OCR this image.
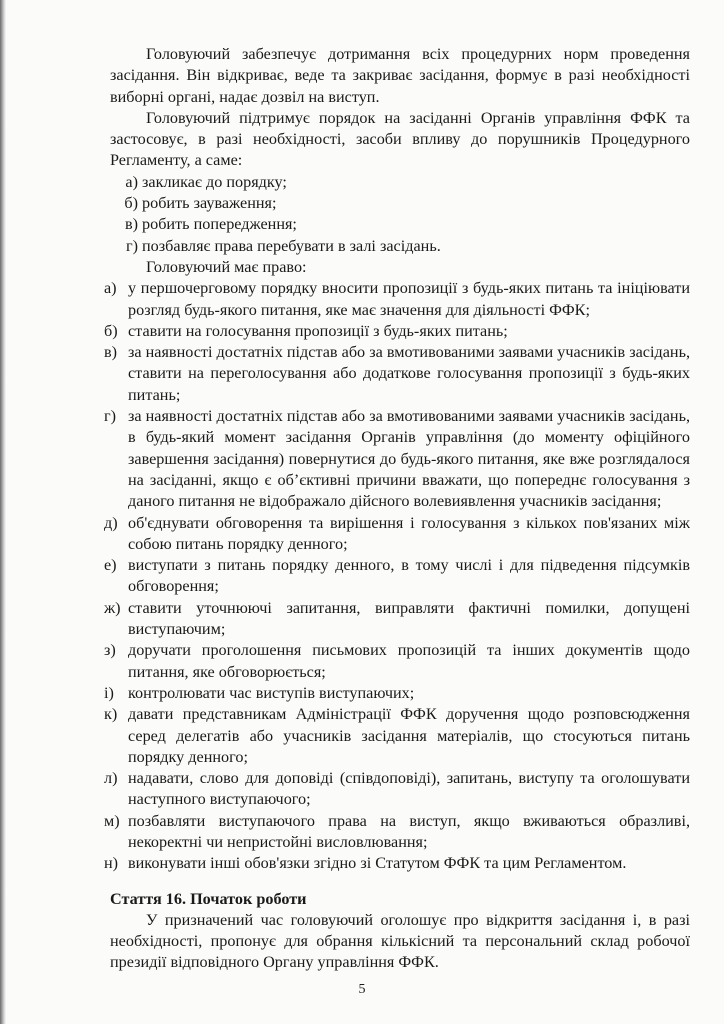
Головуючий забезпечує дотримання всіх процедурних норм проведення засідання. Він відкриває, веде та закриває засідання, формує в разі необхідності виборні органі, надає дозвіл на виступ.

Головуючий підтримує порядок на засіданні Органів управління ФФК та застосовує, в разі необхідності, засоби впливу до порушників Процедурного Регламенту, а саме:

а) закликає до порядку;
б) робить зауваження;
в) робить попередження;
г) позбавляє права перебувати в залі засідань.

Головуючий має право:

а) у першочерговому порядку вносити пропозиції з будь-яких питань та ініціювати розгляд будь-якого питання, яке має значення для діяльності ФФК;
б) ставити на голосування пропозиції з будь-яких питань;
в) за наявності достатніх підстав або за вмотивованими заявами учасників засідань, ставити на переголосування або додаткове голосування пропозиції з будь-яких питань;
г) за наявності достатніх підстав або за вмотивованими заявами учасників засідань, в будь-який момент засідання Органів управління (до моменту офіційного завершення засідання) повернутися до будь-якого питання, яке вже розглядалося на засіданні, якщо є об’єктивні причини вважати, що попереднє голосування з даного питання не відображало дійсного волевиявлення учасників засідання;
д) об'єднувати обговорення та вирішення і голосування з кількох пов'язаних між собою питань порядку денного;
е) виступати з питань порядку денного, в тому числі і для підведення підсумків обговорення;
ж) ставити уточнюючі запитання, виправляти фактичні помилки, допущені виступаючим;
з) доручати проголошення письмових пропозицій та інших документів щодо питання, яке обговорюється;
і) контролювати час виступів виступаючих;
к) давати представникам Адміністрації ФФК доручення щодо розповсюдження серед делегатів або учасників засідання матеріалів, що стосуються питань порядку денного;
л) надавати, слово для доповіді (співдоповіді), запитань, виступу та оголошувати наступного виступаючого;
м) позбавляти виступаючого права на виступ, якщо вживаються образливі, некоректні чи непристойні висловлювання;
н) виконувати інші обов'язки згідно зі Статутом ФФК та цим Регламентом.

Стаття 16. Початок роботи

У призначений час головуючий оголошує про відкриття засідання і, в разі необхідності, пропонує для обрання кількісний та персональний склад робочої президії відповідного Органу управління ФФК.

5
